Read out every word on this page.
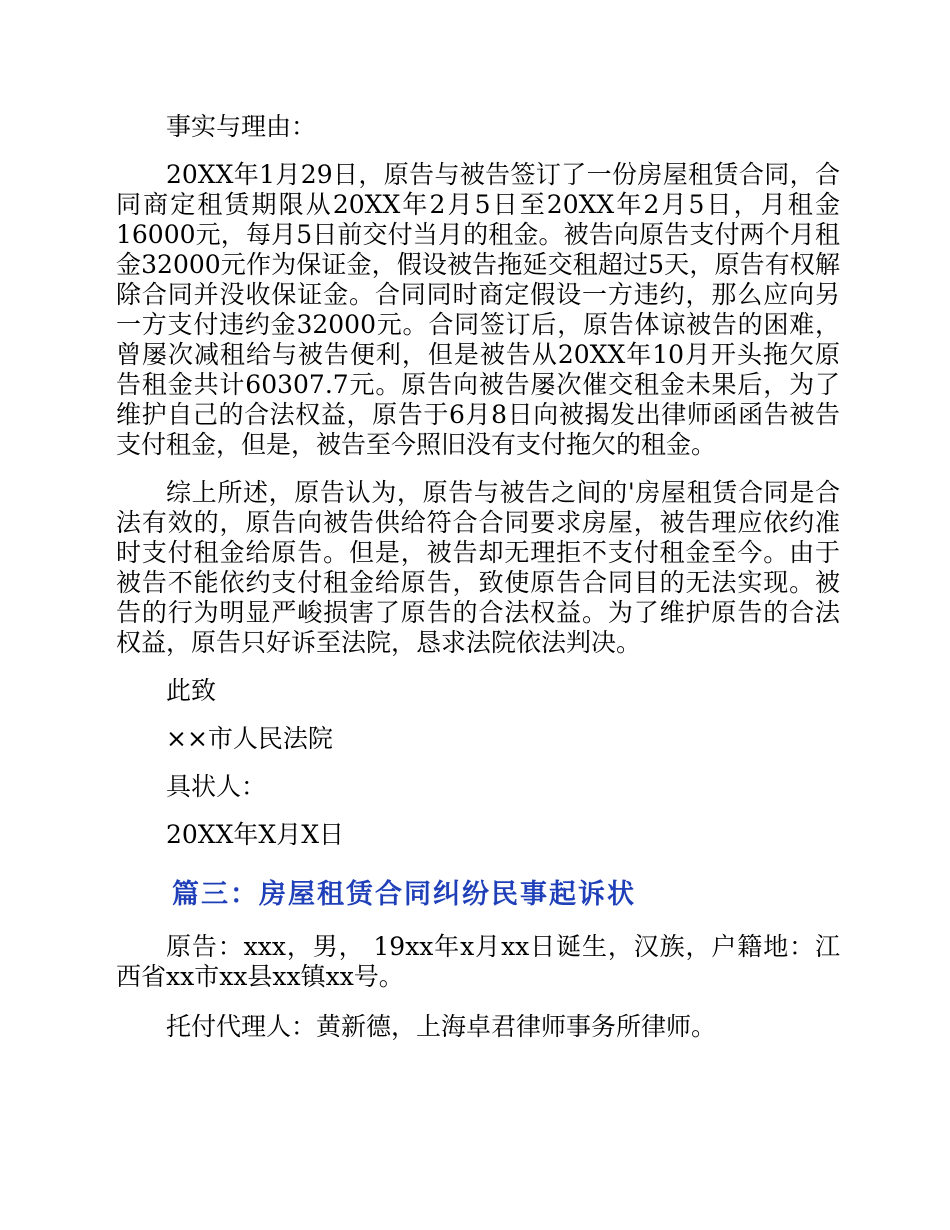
事实与理由：

20XX年1月29日，原告与被告签订了一份房屋租赁合同，合同商定租赁期限从20XX年2月5日至20XX年2月5日，月租金16000元，每月5日前交付当月的租金。被告向原告支付两个月租金32000元作为保证金，假设被告拖延交租超过5天，原告有权解除合同并没收保证金。合同同时商定假设一方违约，那么应向另一方支付违约金32000元。合同签订后，原告体谅被告的困难，曾屡次减租给与被告便利，但是被告从20XX年10月开头拖欠原告租金共计60307.7元。原告向被告屡次催交租金未果后，为了维护自己的合法权益，原告于6月8日向被揭发出律师函函告被告支付租金，但是，被告至今照旧没有支付拖欠的租金。

综上所述，原告认为，原告与被告之间的'房屋租赁合同是合法有效的，原告向被告供给符合合同要求房屋，被告理应依约准时支付租金给原告。但是，被告却无理拒不支付租金至今。由于被告不能依约支付租金给原告，致使原告合同目的无法实现。被告的行为明显严峻损害了原告的合法权益。为了维护原告的合法权益，原告只好诉至法院，恳求法院依法判决。

此致

××市人民法院

具状人：

20XX年X月X日

篇三：房屋租赁合同纠纷民事起诉状

原告：xxx，男， 19xx年x月xx日诞生，汉族，户籍地：江西省xx市xx县xx镇xx号。

托付代理人：黄新德，上海卓君律师事务所律师。
